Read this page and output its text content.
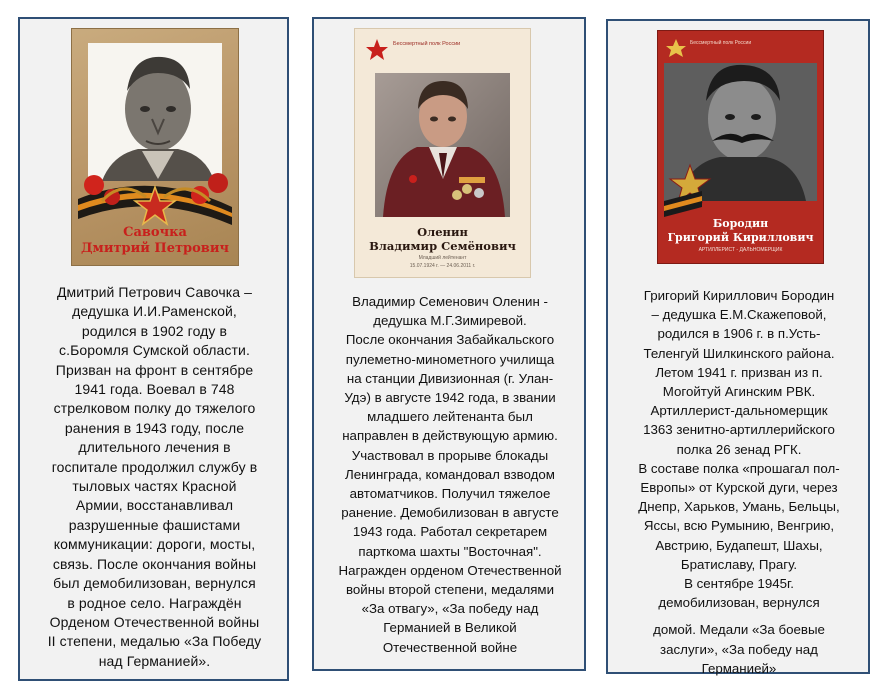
Савочка
Дмитрий Петрович
Дмитрий Петрович Савочка –
дедушка И.И.Раменской,
родился в 1902 году в
с.Боромля Сумской области.
Призван на фронт в сентябре
1941 года. Воевал в 748
стрелковом полку до тяжелого
ранения в 1943 году, после
длительного лечения в
госпитале продолжил службу в
тыловых частях Красной
Армии, восстанавливал
разрушенные фашистами
коммуникации: дороги, мосты,
связь. После окончания войны
был демобилизован, вернулся
в родное село. Награждён
Орденом Отечественной войны
II степени, медалью «За Победу
над Германией».
Бессмертный полк России
Оленин
Владимир Семёнович
Младший лейтенант
15.07.1924 г. — 24.06.2011 г.
Владимир Семенович Оленин -
дедушка М.Г.Зимиревой.
После окончания Забайкальского
пулеметно-минометного училища
на станции Дивизионная (г. Улан-
Удэ) в августе 1942 года, в звании
младшего лейтенанта был
направлен в действующую армию.
Участвовал в прорыве блокады
Ленинграда, командовал взводом
автоматчиков. Получил тяжелое
ранение. Демобилизован в августе
1943 года. Работал секретарем
парткома шахты "Восточная".
Награжден орденом Отечественной
войны второй степени, медалями
«За отвагу», «За победу над
Германией в Великой
Отечественной войне
Бессмертный полк России
Бородин
Григорий Кириллович
АРТИЛЛЕРИСТ - ДАЛЬНОМЕРЩИК
Григорий Кириллович Бородин
– дедушка Е.М.Скажеповой,
родился в 1906 г. в п.Усть-
Теленгуй Шилкинского района.
Летом 1941 г. призван из п.
Могойтуй Агинским РВК.
Артиллерист-дальномерщик
1363 зенитно-артиллерийского
полка 26 зенад РГК.
В составе полка «прошагал пол-
Европы» от Курской дуги, через
Днепр, Харьков, Умань, Бельцы,
Яссы, всю Румынию, Венгрию,
Австрию, Будапешт, Шахы,
Братиславу, Прагу.
В сентябре 1945г.
демобилизован, вернулся
домой. Медали «За боевые
заслуги», «За победу над
Германией»
